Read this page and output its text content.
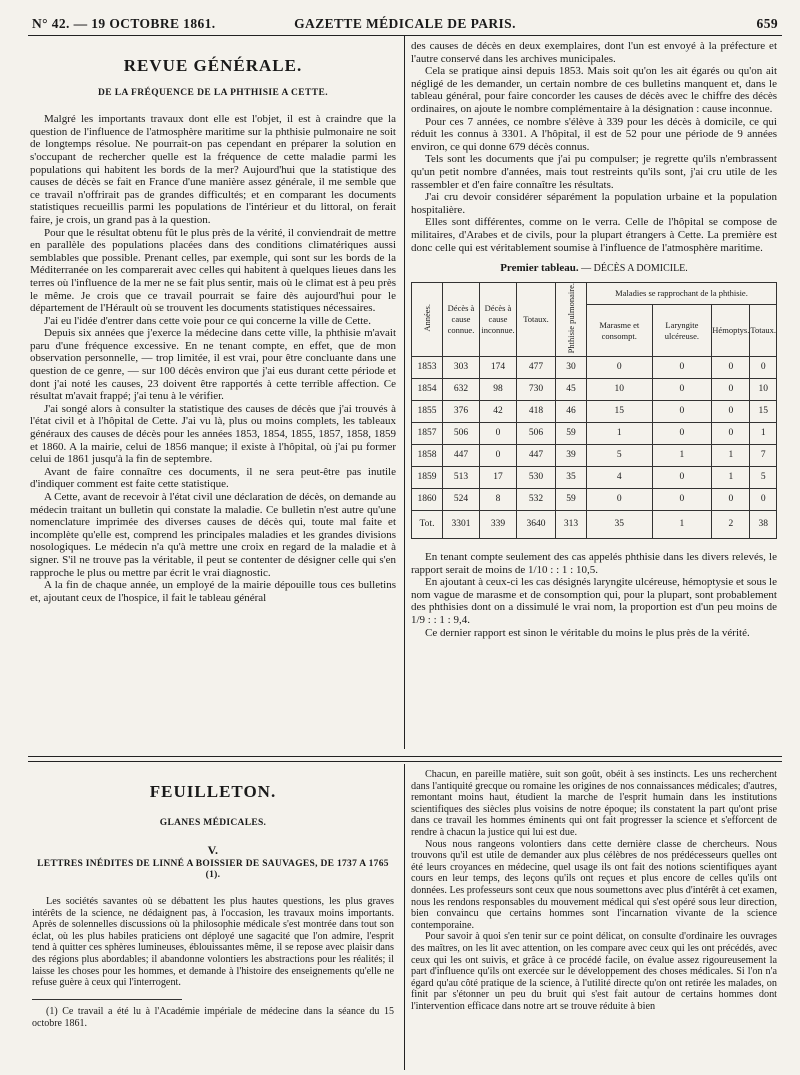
N° 42. — 19 OCTOBRE 1861.	GAZETTE MÉDICALE DE PARIS.	659
REVUE GÉNÉRALE.
DE LA FRÉQUENCE DE LA PHTHISIE A CETTE.

Malgré les importants travaux dont elle est l'objet, il est à craindre que la question de l'influence de l'atmosphère maritime sur la phthisie pulmonaire ne soit de longtemps résolue. Ne pourrait-on pas cependant en préparer la solution en s'occupant de rechercher quelle est la fréquence de cette maladie parmi les populations qui habitent les bords de la mer? Aujourd'hui que la statistique des causes de décès se fait en France d'une manière assez générale, il me semble que ce travail n'offrirait pas de grandes difficultés; et en comparant les documents statistiques recueillis parmi les populations de l'intérieur et du littoral, on ferait faire, je crois, un grand pas à la question.

Pour que le résultat obtenu fût le plus près de la vérité, il conviendrait de mettre en parallèle des populations placées dans des conditions climatériques aussi semblables que possible. Prenant celles, par exemple, qui sont sur les bords de la Méditerranée on les comparerait avec celles qui habitent à quelques lieues dans les terres où l'influence de la mer ne se fait plus sentir, mais où le climat est à peu près le même. Je crois que ce travail pourrait se faire dès aujourd'hui pour le département de l'Hérault où se trouvent les documents statistiques nécessaires.

J'ai eu l'idée d'entrer dans cette voie pour ce qui concerne la ville de Cette.

Depuis six années que j'exerce la médecine dans cette ville, la phthisie m'avait paru d'une fréquence excessive. En ne tenant compte, en effet, que de mon observation personnelle, — trop limitée, il est vrai, pour être concluante dans une question de ce genre, — sur 100 décès environ que j'ai eus durant cette période et dont j'ai noté les causes, 23 doivent être rapportés à cette terrible affection. Ce résultat m'avait frappé; j'ai tenu à le vérifier.

J'ai songé alors à consulter la statistique des causes de décès que j'ai trouvés à l'état civil et à l'hôpital de Cette. J'ai vu là, plus ou moins complets, les tableaux généraux des causes de décès pour les années 1853, 1854, 1855, 1857, 1858, 1859 et 1860. A la mairie, celui de 1856 manque; il existe à l'hôpital, où j'ai pu former celui de 1861 jusqu'à la fin de septembre.

Avant de faire connaître ces documents, il ne sera peut-être pas inutile d'indiquer comment est faite cette statistique.

A Cette, avant de recevoir à l'état civil une déclaration de décès, on demande au médecin traitant un bulletin qui constate la maladie. Ce bulletin n'est autre qu'une nomenclature imprimée des diverses causes de décès qui, toute mal faite et incomplète qu'elle est, comprend les principales maladies et les grandes divisions nosologiques. Le médecin n'a qu'à mettre une croix en regard de la maladie et à signer. S'il ne trouve pas la véritable, il peut se contenter de désigner celle qui s'en rapproche le plus ou mettre par écrit le vrai diagnostic.

A la fin de chaque année, un employé de la mairie dépouille tous ces bulletins et, ajoutant ceux de l'hospice, il fait le tableau général

des causes de décès en deux exemplaires, dont l'un est envoyé à la préfecture et l'autre conservé dans les archives municipales.

Cela se pratique ainsi depuis 1853. Mais soit qu'on les ait égarés ou qu'on ait négligé de les demander, un certain nombre de ces bulletins manquent et, dans le tableau général, pour faire concorder les causes de décès avec le chiffre des décès ordinaires, on ajoute le nombre complémentaire à la désignation : cause inconnue.

Pour ces 7 années, ce nombre s'élève à 339 pour les décès à domicile, ce qui réduit les connus à 3301. A l'hôpital, il est de 52 pour une période de 9 années environ, ce qui donne 679 décès connus.

Tels sont les documents que j'ai pu compulser; je regrette qu'ils n'embrassent qu'un petit nombre d'années, mais tout restreints qu'ils sont, j'ai cru utile de les rassembler et d'en faire connaître les résultats.

J'ai cru devoir considérer séparément la population urbaine et la population hospitalière.

Elles sont différentes, comme on le verra. Celle de l'hôpital se compose de militaires, d'Arabes et de civils, pour la plupart étrangers à Cette. La première est donc celle qui est véritablement soumise à l'influence de l'atmosphère maritime.

Premier tableau. — DÉCÈS A DOMICILE.
Années.	Décès à cause connue.	Décès à cause inconnue.	Totaux.	Phthisie pulmonaire.	Maladies se rapprochant de la phthisie.			
					Marasme et consompt.	Laryngite ulcéreuse.	Hémoptys.	Totaux.
1853	303	174	477	30	0	0	0	0
1854	632	98	730	45	10	0	0	10
1855	376	42	418	46	15	0	0	15
1857	506	0	506	59	1	0	0	1
1858	447	0	447	39	5	1	1	7
1859	513	17	530	35	4	0	1	5
1860	524	8	532	59	0	0	0	0
Tot.	3301	339	3640	313	35	1	2	38

En tenant compte seulement des cas appelés phthisie dans les divers relevés, le rapport serait de moins de 1/10 : : 1 : 10,5.

En ajoutant à ceux-ci les cas désignés laryngite ulcéreuse, hémoptysie et sous le nom vague de marasme et de consomption qui, pour la plupart, sont probablement des phthisies dont on a dissimulé le vrai nom, la proportion est d'un peu moins de 1/9 : : 1 : 9,4.

Ce dernier rapport est sinon le véritable du moins le plus près de la vérité.

FEUILLETON.
GLANES MÉDICALES.
V.
LETTRES INÉDITES DE LINNÉ A BOISSIER DE SAUVAGES, DE 1737 A 1765 (1).

Les sociétés savantes où se débattent les plus hautes questions, les plus graves intérêts de la science, ne dédaignent pas, à l'occasion, les travaux moins importants. Après de solennelles discussions où la philosophie médicale s'est montrée dans tout son éclat, où les plus habiles praticiens ont déployé une sagacité que l'on admire, l'esprit tend à quitter ces sphères lumineuses, éblouissantes même, il se repose avec plaisir dans des régions plus abordables; il abandonne volontiers les abstractions pour les réalités; il laisse les choses pour les hommes, et demande à l'histoire des enseignements qu'elle ne refuse guère à ceux qui l'interrogent.

(1) Ce travail a été lu à l'Académie impériale de médecine dans la séance du 15 octobre 1861.

Chacun, en pareille matière, suit son goût, obéit à ses instincts. Les uns recherchent dans l'antiquité grecque ou romaine les origines de nos connaissances médicales; d'autres, remontant moins haut, étudient la marche de l'esprit humain dans les institutions scientifiques des siècles plus voisins de notre époque; ils constatent la part qu'ont prise dans ce travail les hommes éminents qui ont fait progresser la science et s'efforcent de rendre à chacun la justice qui lui est due.

Nous nous rangeons volontiers dans cette dernière classe de chercheurs. Nous trouvons qu'il est utile de demander aux plus célèbres de nos prédécesseurs quelles ont été leurs croyances en médecine, quel usage ils ont fait des notions scientifiques ayant cours en leur temps, des leçons qu'ils ont reçues et plus encore de celles qu'ils ont données. Les professeurs sont ceux que nous soumettons avec plus d'intérêt à cet examen, nous les rendons responsables du mouvement médical qui s'est opéré sous leur direction, bien convaincu que certains hommes sont l'incarnation vivante de la science contemporaine.

Pour savoir à quoi s'en tenir sur ce point délicat, on consulte d'ordinaire les ouvrages des maîtres, on les lit avec attention, on les compare avec ceux qui les ont précédés, avec ceux qui les ont suivis, et grâce à ce procédé facile, on évalue assez rigoureusement la part d'influence qu'ils ont exercée sur le développement des choses médicales. Si l'on n'a égard qu'au côté pratique de la science, à l'utilité directe qu'on ont retirée les malades, on finit par s'étonner un peu du bruit qui s'est fait autour de certains hommes dont l'intervention efficace dans notre art se trouve réduite à bien
